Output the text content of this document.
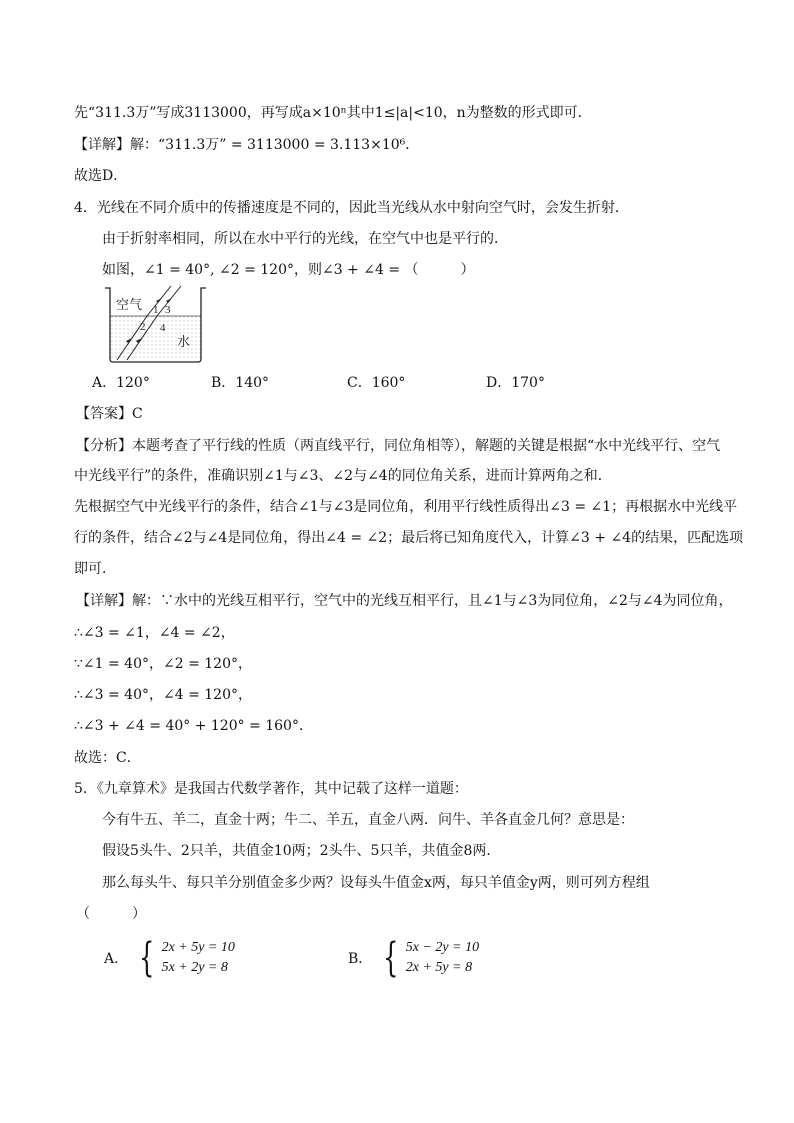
先“311.3万”写成3113000，再写成a×10ⁿ其中1≤|a|<10，n为整数的形式即可．
【详解】解：“311.3万” = 3113000 = 3.113×10⁶．
故选D．
4．光线在不同介质中的传播速度是不同的，因此当光线从水中射向空气时，会发生折射．
由于折射率相同，所以在水中平行的光线，在空气中也是平行的．
如图，∠1 = 40°, ∠2 = 120°，则∠3 + ∠4 = （　　　）
空气
水
1
2
3
4
A．120°	B．140°	C．160°	D．170°
【答案】C
【分析】本题考查了平行线的性质（两直线平行，同位角相等），解题的关键是根据“水中光线平行、空气
中光线平行”的条件，准确识别∠1与∠3、∠2与∠4的同位角关系，进而计算两角之和．
先根据空气中光线平行的条件，结合∠1与∠3是同位角，利用平行线性质得出∠3 = ∠1；再根据水中光线平
行的条件，结合∠2与∠4是同位角，得出∠4 = ∠2；最后将已知角度代入，计算∠3 + ∠4的结果，匹配选项
即可．
【详解】解：∵水中的光线互相平行，空气中的光线互相平行，且∠1与∠3为同位角，∠2与∠4为同位角，
∴∠3 = ∠1，∠4 = ∠2，
∵∠1 = 40°，∠2 = 120°，
∴∠3 = 40°，∠4 = 120°，
∴∠3 + ∠4 = 40° + 120° = 160°．
故选：C．
5．《九章算术》是我国古代数学著作，其中记载了这样一道题：
今有牛五、羊二，直金十两；牛二、羊五，直金八两．问牛、羊各直金几何？意思是：
假设5头牛、2只羊，共值金10两；2头牛、5只羊，共值金8两．
那么每头牛、每只羊分别值金多少两？设每头牛值金x两，每只羊值金y两，则可列方程组
（　　　）
A． { 2x + 5y = 10
5x + 2y = 8
B． { 5x − 2y = 10
2x + 5y = 8
